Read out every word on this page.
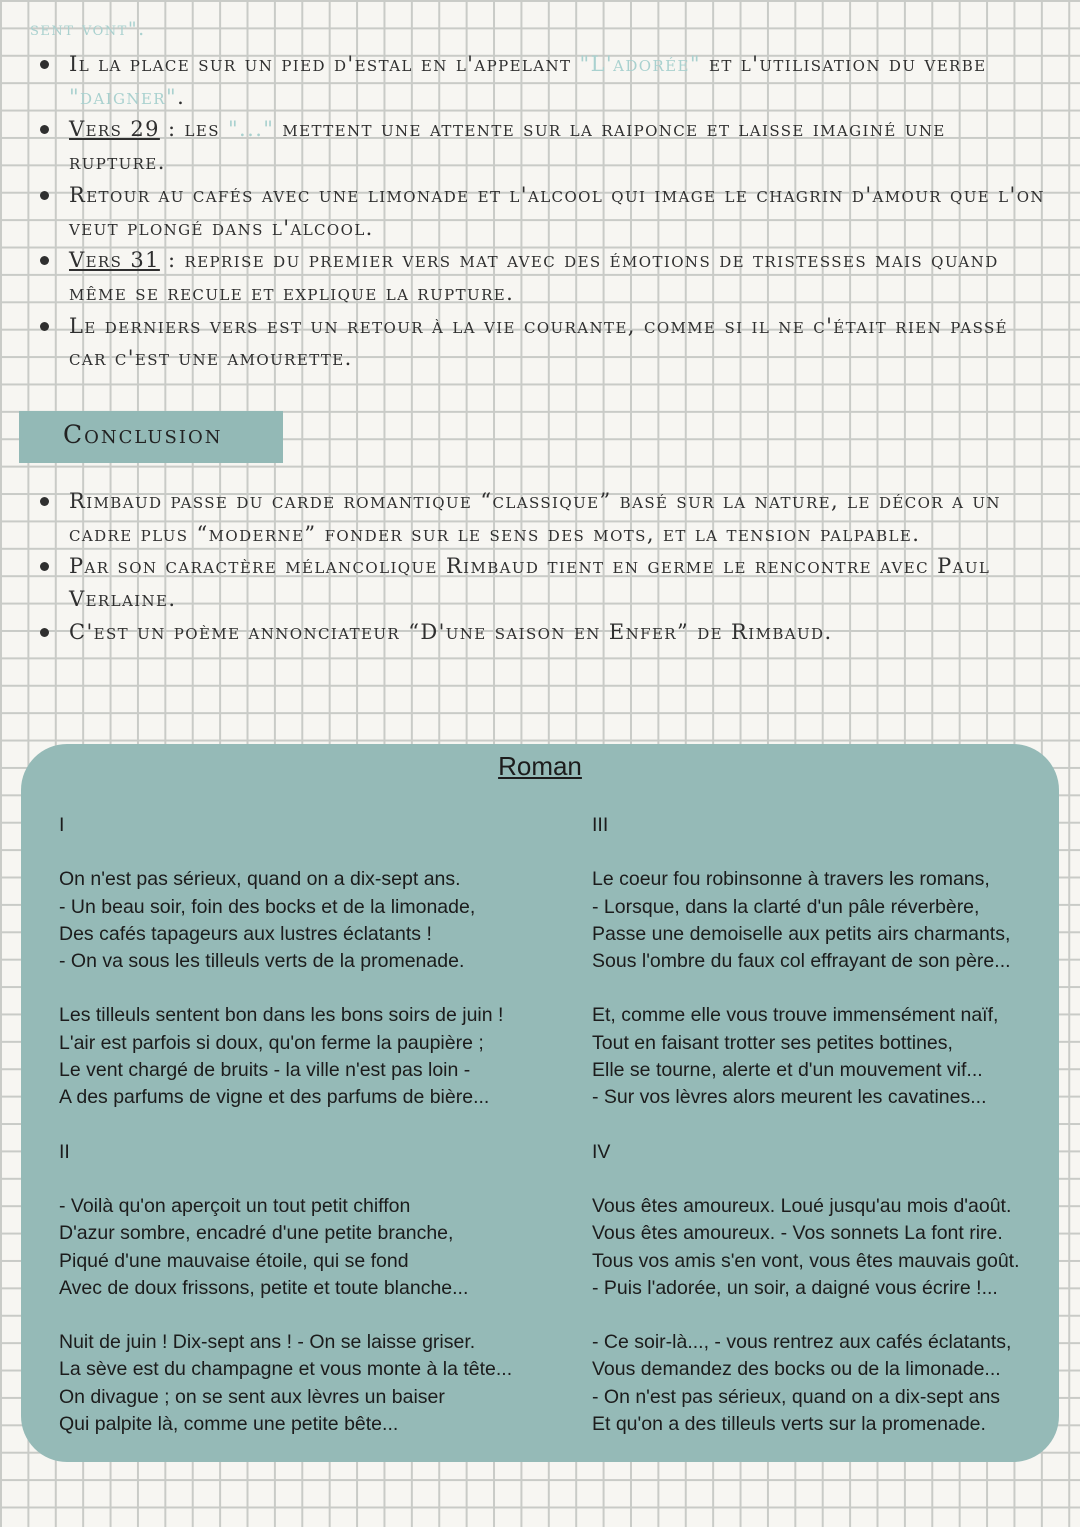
sent vont".
Il la place sur un pied d'estal en l'appelant "L'adorée" et l'utilisation du verbe "daigner".
Vers 29 : les "..." mettent une attente sur la raiponce et laisse imaginé une rupture.
Retour au cafés avec une limonade et l'alcool qui image le chagrin d'amour que l'on veut plongé dans l'alcool.
Vers 31 : reprise du premier vers mat avec des émotions de tristesses mais quand même se recule et explique la rupture.
Le derniers vers est un retour à la vie courante, comme si il ne c'était rien passé car c'est une amourette.
Conclusion
Rimbaud passe du carde romantique “classique” basé sur la nature, le décor a un cadre plus “moderne” fonder sur le sens des mots, et la tension palpable.
Par son caractère mélancolique Rimbaud tient en germe le rencontre avec Paul Verlaine.
C'est un poème annonciateur “D'une saison en Enfer” de Rimbaud.
Roman

I

On n'est pas sérieux, quand on a dix-sept ans.

- Un beau soir, foin des bocks et de la limonade,

Des cafés tapageurs aux lustres éclatants !

- On va sous les tilleuls verts de la promenade.

Les tilleuls sentent bon dans les bons soirs de juin !

L'air est parfois si doux, qu'on ferme la paupière ;

Le vent chargé de bruits - la ville n'est pas loin -

A des parfums de vigne et des parfums de bière...

II

- Voilà qu'on aperçoit un tout petit chiffon

D'azur sombre, encadré d'une petite branche,

Piqué d'une mauvaise étoile, qui se fond

Avec de doux frissons, petite et toute blanche...

Nuit de juin ! Dix-sept ans ! - On se laisse griser.

La sève est du champagne et vous monte à la tête...

On divague ; on se sent aux lèvres un baiser

Qui palpite là, comme une petite bête...

III

Le coeur fou robinsonne à travers les romans,

- Lorsque, dans la clarté d'un pâle réverbère,

Passe une demoiselle aux petits airs charmants,

Sous l'ombre du faux col effrayant de son père...

Et, comme elle vous trouve immensément naïf,

Tout en faisant trotter ses petites bottines,

Elle se tourne, alerte et d'un mouvement vif...

- Sur vos lèvres alors meurent les cavatines...

IV

Vous êtes amoureux. Loué jusqu'au mois d'août.

Vous êtes amoureux. - Vos sonnets La font rire.

Tous vos amis s'en vont, vous êtes mauvais goût.

- Puis l'adorée, un soir, a daigné vous écrire !...

- Ce soir-là..., - vous rentrez aux cafés éclatants,

Vous demandez des bocks ou de la limonade...

- On n'est pas sérieux, quand on a dix-sept ans

Et qu'on a des tilleuls verts sur la promenade.
